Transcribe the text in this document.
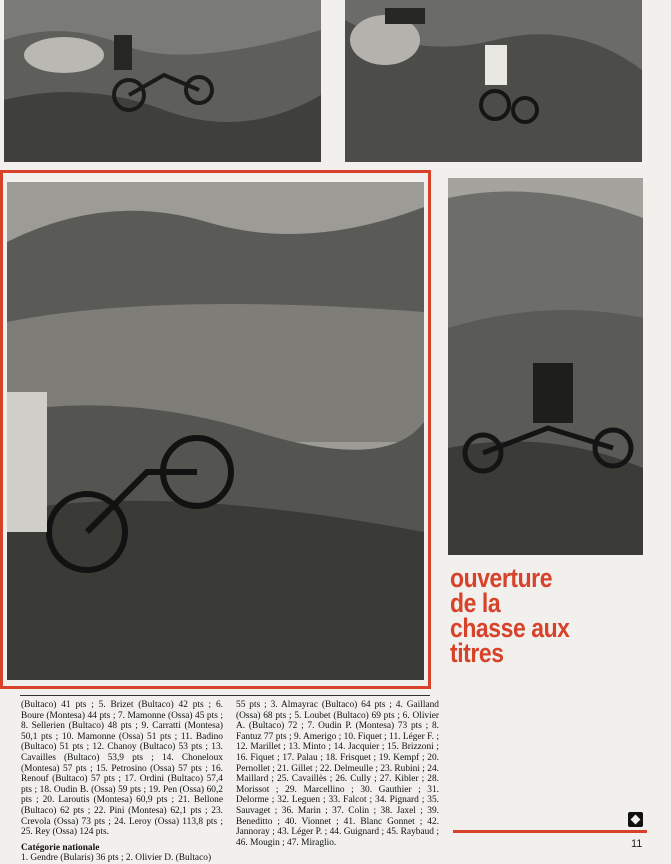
ouverture
de la
chasse aux
titres

(Bultaco) 41 pts ; 5. Brizet (Bultaco) 42 pts ; 6. Boure (Montesa) 44 pts ; 7. Mamonne (Ossa) 45 pts ; 8. Sellerien (Bultaco) 48 pts ; 9. Carratti (Montesa) 50,1 pts ; 10. Mamonne (Ossa) 51 pts ; 11. Badino (Bultaco) 51 pts ; 12. Chanoy (Bultaco) 53 pts ; 13. Cavailles (Bultaco) 53,9 pts ; 14. Choneloux (Montesa) 57 pts ; 15. Petrosino (Ossa) 57 pts ; 16. Renouf (Bultaco) 57 pts ; 17. Ordini (Bultaco) 57,4 pts ; 18. Oudin B. (Ossa) 59 pts ; 19. Pen (Ossa) 60,2 pts ; 20. Laroutis (Montesa) 60,9 pts ; 21. Bellone (Bultaco) 62 pts ; 22. Pini (Montesa) 62,1 pts ; 23. Crevola (Ossa) 73 pts ; 24. Leroy (Ossa) 113,8 pts ; 25. Rey (Ossa) 124 pts.

Catégorie nationale

1. Gendre (Bularis) 36 pts ; 2. Olivier D. (Bultaco)

55 pts ; 3. Almayrac (Bultaco) 64 pts ; 4. Gailland (Ossa) 68 pts ; 5. Loubet (Bultaco) 69 pts ; 6. Olivier A. (Bultaco) 72 ; 7. Oudin P. (Montesa) 73 pts ; 8. Fantuz 77 pts ; 9. Amerigo ; 10. Fiquet ; 11. Léger F. ; 12. Marillet ; 13. Minto ; 14. Jacquier ; 15. Brizzoni ; 16. Fiquet ; 17. Palau ; 18. Frisquet ; 19. Kempf ; 20. Pernollet ; 21. Gillet ; 22. Delmeulle ; 23. Rubini ; 24. Maillard ; 25. Cavaillès ; 26. Cully ; 27. Kibler ; 28. Morissot ; 29. Marcellino ; 30. Gauthier ; 31. Delorme ; 32. Leguen ; 33. Falcot ; 34. Pignard ; 35. Sauvaget ; 36. Marin ; 37. Colin ; 38. Jaxel ; 39. Beneditto ; 40. Vionnet ; 41. Blanc Gonnet ; 42. Jannoray ; 43. Léger P. ; 44. Guignard ; 45. Raybaud ; 46. Mougin ; 47. Miraglio.	11
